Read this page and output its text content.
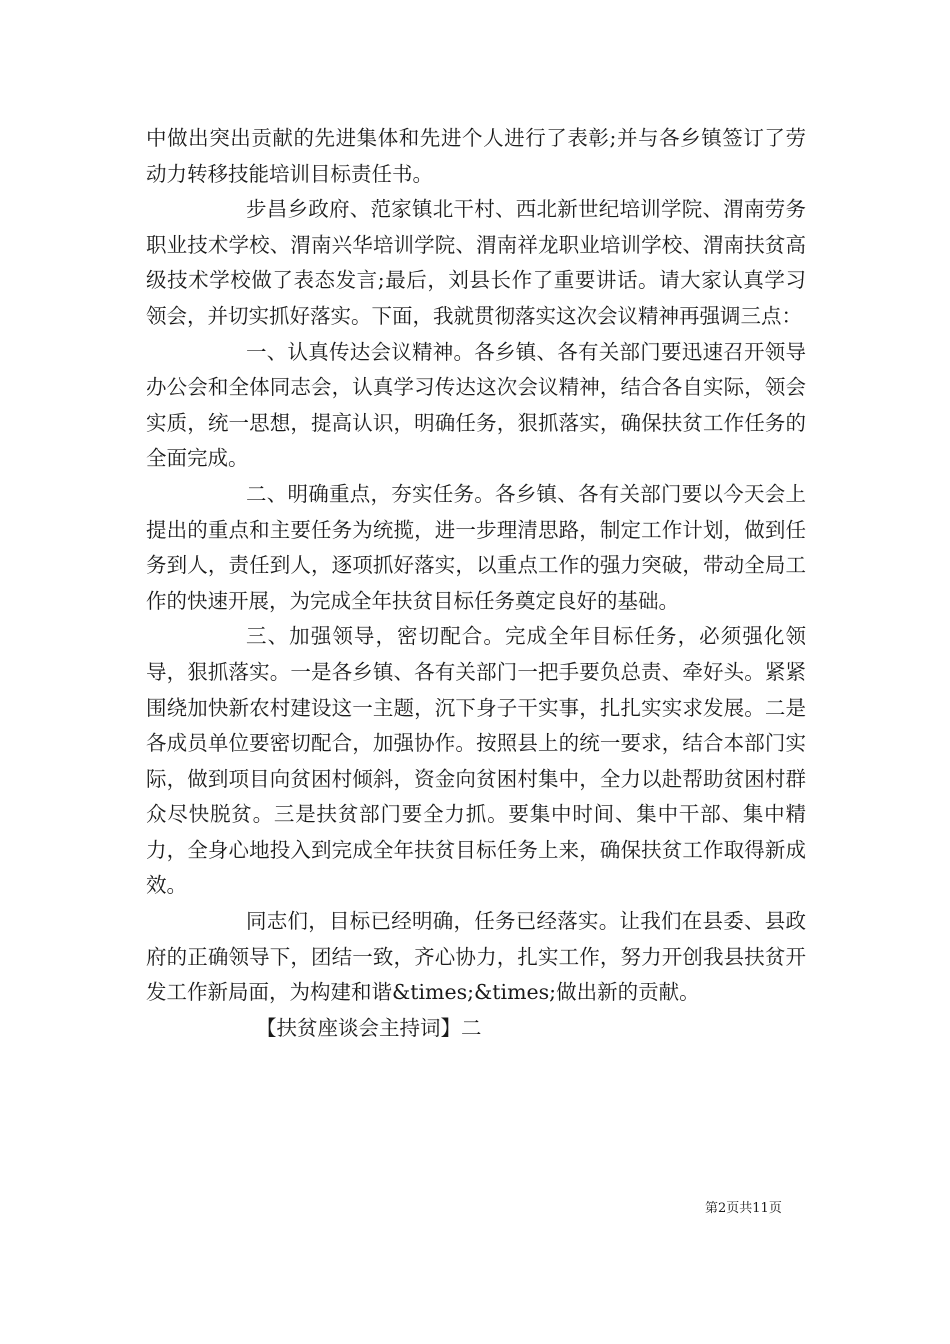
中做出突出贡献的先进集体和先进个人进行了表彰;并与各乡镇签订了劳动力转移技能培训目标责任书。

步昌乡政府、范家镇北干村、西北新世纪培训学院、渭南劳务职业技术学校、渭南兴华培训学院、渭南祥龙职业培训学校、渭南扶贫高级技术学校做了表态发言;最后，刘县长作了重要讲话。请大家认真学习领会，并切实抓好落实。下面，我就贯彻落实这次会议精神再强调三点：

一、认真传达会议精神。各乡镇、各有关部门要迅速召开领导办公会和全体同志会，认真学习传达这次会议精神，结合各自实际，领会实质，统一思想，提高认识，明确任务，狠抓落实，确保扶贫工作任务的全面完成。

二、明确重点，夯实任务。各乡镇、各有关部门要以今天会上提出的重点和主要任务为统揽，进一步理清思路，制定工作计划，做到任务到人，责任到人，逐项抓好落实，以重点工作的强力突破，带动全局工作的快速开展，为完成全年扶贫目标任务奠定良好的基础。

三、加强领导，密切配合。完成全年目标任务，必须强化领导，狠抓落实。一是各乡镇、各有关部门一把手要负总责、牵好头。紧紧围绕加快新农村建设这一主题，沉下身子干实事，扎扎实实求发展。二是各成员单位要密切配合，加强协作。按照县上的统一要求，结合本部门实际，做到项目向贫困村倾斜，资金向贫困村集中，全力以赴帮助贫困村群众尽快脱贫。三是扶贫部门要全力抓。要集中时间、集中干部、集中精力，全身心地投入到完成全年扶贫目标任务上来，确保扶贫工作取得新成效。

同志们，目标已经明确，任务已经落实。让我们在县委、县政府的正确领导下，团结一致，齐心协力，扎实工作，努力开创我县扶贫开发工作新局面，为构建和谐&times;&times;做出新的贡献。

【扶贫座谈会主持词】二

第2页共11页
